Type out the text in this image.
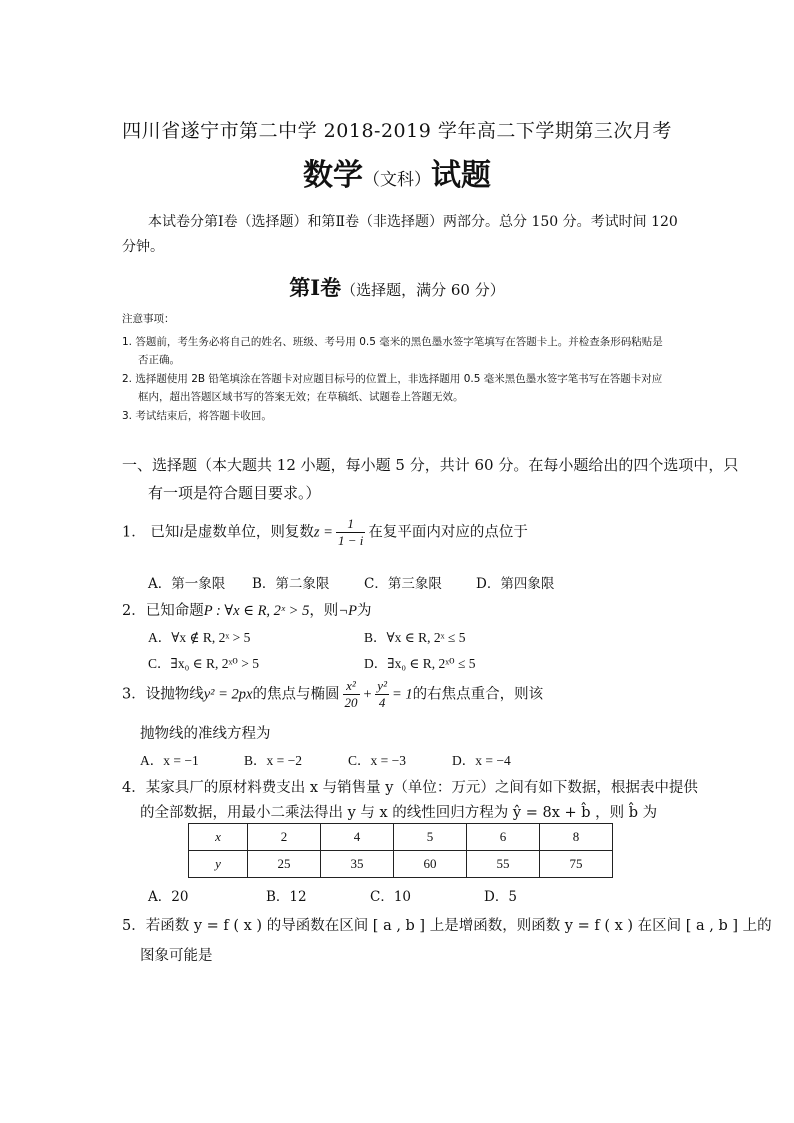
四川省遂宁市第二中学 2018-2019 学年高二下学期第三次月考
数学（文科）试题
本试卷分第Ⅰ卷（选择题）和第Ⅱ卷（非选择题）两部分。总分 150 分。考试时间 120 分钟。
第Ⅰ卷（选择题，满分 60 分）
注意事项：
1. 答题前，考生务必将自己的姓名、班级、考号用 0.5 毫米的黑色墨水签字笔填写在答题卡上。并检查条形码粘贴是
否正确。
2. 选择题使用 2B 铅笔填涂在答题卡对应题目标号的位置上，非选择题用 0.5 毫米黑色墨水签字笔书写在答题卡对应
框内，超出答题区域书写的答案无效；在草稿纸、试题卷上答题无效。
3. 考试结束后，将答题卡收回。
一、选择题（本大题共 12 小题，每小题 5 分，共计 60 分。在每小题给出的四个选项中，只
有一项是符合题目要求。）
1． 已知i是虚数单位，则复数$z = \frac{1}{1 - i}$ 在复平面内对应的点位于
A．第一象限 B．第二象限	C．第三象限	D．第四象限
2．已知命题P : ∀x ∈ R, 2ˣ > 5，则¬P为
A．∀x ∉ R, 2ˣ > 5	B．∀x ∈ R, 2ˣ ≤ 5
C．∃x₀ ∈ R, 2ˣ⁰ > 5	D．∃x₀ ∈ R, 2ˣ⁰ ≤ 5
3．设抛物线y² = 2px的焦点与椭圆 $\frac{\text{x²}}{20} + \frac{\text{y²}}{4} = 1$的右焦点重合，则该
抛物线的准线方程为
A．x = −1	B．x = −2	C．x = −3	D．x = −4
4．某家具厂的原材料费支出 x 与销售量 y（单位：万元）之间有如下数据，根据表中提供
的全部数据，用最小二乘法得出 y 与 x 的线性回归方程为 ŷ = 8x + b̂ ，则 b̂ 为
x	2	4	5	6	8
y	25	35	60	55	75
A．20	B．12	C．10	D．5
5．若函数 y = f ( x ) 的导函数在区间 [ a , b ] 上是增函数，则函数 y = f ( x ) 在区间 [ a , b ] 上的
图象可能是
